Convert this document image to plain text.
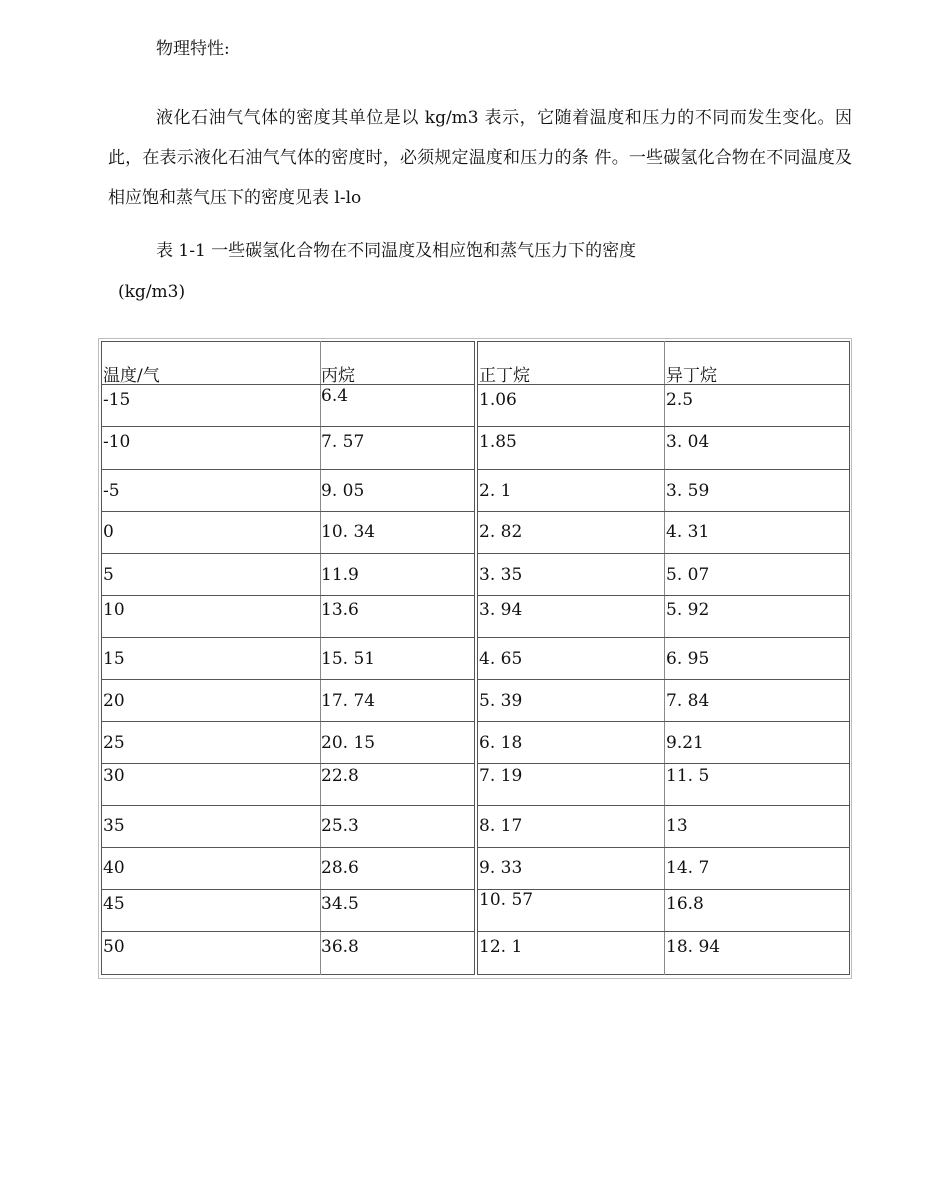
物理特性:

液化石油气气体的密度其单位是以 kg/m3 表示，它随着温度和压力的不同而发生变化。因此，在表示液化石油气气体的密度时，必须规定温度和压力的条 件。一些碳氢化合物在不同温度及相应饱和蒸气压下的密度见表 l-lo

表 1-1 一些碳氢化合物在不同温度及相应饱和蒸气压力下的密度
(kg/m3)
温度/气	丙烷	正丁烷	异丁烷
-15	6.4	1.06	2.5
-10	7. 57	1.85	3. 04
-5	9. 05	2. 1	3. 59
0	10. 34	2. 82	4. 31
5	11.9	3. 35	5. 07
10	13.6	3. 94	5. 92
15	15. 51	4. 65	6. 95
20	17. 74	5. 39	7. 84
25	20. 15	6. 18	9.21
30	22.8	7. 19	11. 5
35	25.3	8. 17	13
40	28.6	9. 33	14. 7
45	34.5	10. 57	16.8
50	36.8	12. 1	18. 94
